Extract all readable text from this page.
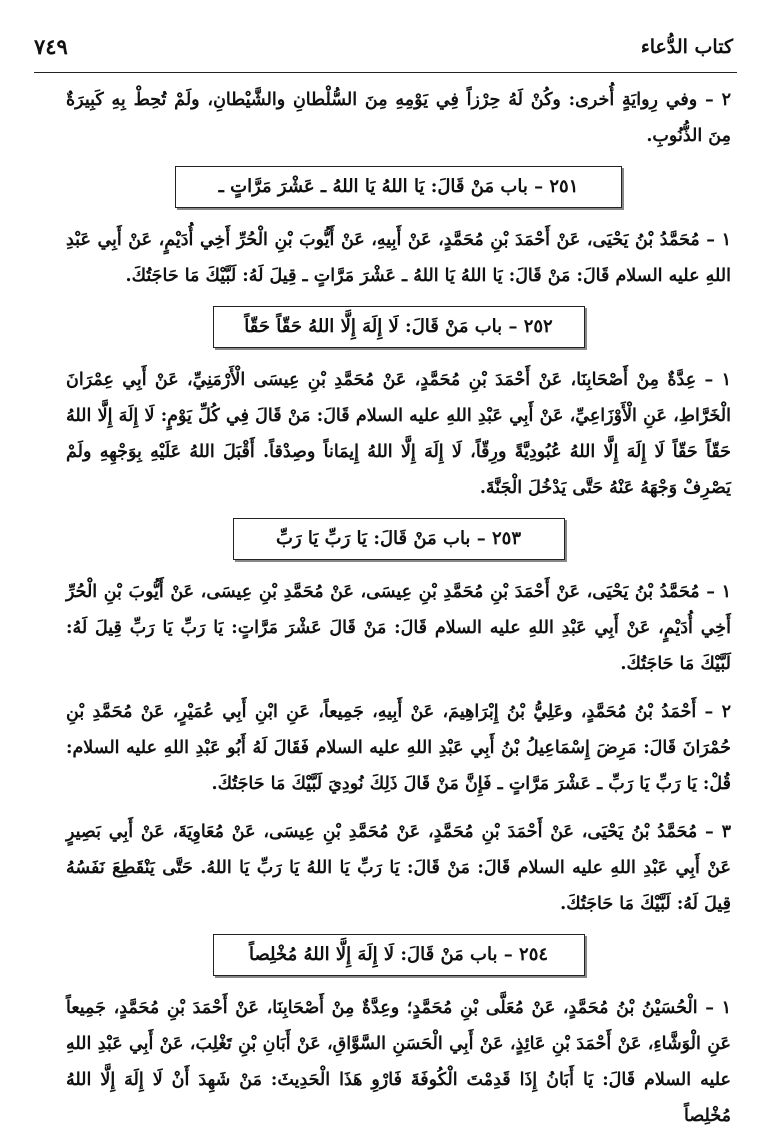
كتاب الدُّعاء
٧٤٩

٢ – وفي رِوايَةٍ أُخرى: وكُنْ لَهُ حِرْزاً فِي يَوْمِهِ مِنَ السُّلْطانِ والشَّيْطانِ، ولَمْ تُحِطْ بِهِ كَبِيرَةٌ مِنَ الذُّنُوبِ.

٢٥١ – باب مَنْ قَالَ: يَا اللهُ يَا اللهُ ـ عَشْرَ مَرَّاتٍ ـ

١ – مُحَمَّدُ بْنُ يَحْيَى، عَنْ أَحْمَدَ بْنِ مُحَمَّدٍ، عَنْ أَبِيهِ، عَنْ أَيُّوبَ بْنِ الْحُرِّ أَخِي أُدَيْمٍ، عَنْ أَبِي عَبْدِ اللهِ عليه السلام قَالَ: مَنْ قَالَ: يَا اللهُ يَا اللهُ ـ عَشْرَ مَرَّاتٍ ـ قِيلَ لَهُ: لَبَّيْكَ مَا حَاجَتُكَ.

٢٥٢ – باب مَنْ قَالَ: لَا إِلَهَ إِلَّا اللهُ حَقّاً حَقّاً

١ – عِدَّةٌ مِنْ أَصْحَابِنَا، عَنْ أَحْمَدَ بْنِ مُحَمَّدٍ، عَنْ مُحَمَّدِ بْنِ عِيسَى الْأَرْمَنِيِّ، عَنْ أَبِي عِمْرَانَ الْخَرَّاطِ، عَنِ الْأَوْزَاعِيِّ، عَنْ أَبِي عَبْدِ اللهِ عليه السلام قَالَ: مَنْ قَالَ فِي كُلِّ يَوْمٍ: لَا إِلَهَ إِلَّا اللهُ حَقّاً حَقّاً لَا إِلَهَ إِلَّا اللهُ عُبُودِيَّةً ورِقّاً، لَا إِلَهَ إِلَّا اللهُ إِيمَاناً وصِدْقاً. أَقْبَلَ اللهُ عَلَيْهِ بِوَجْهِهِ ولَمْ يَصْرِفْ وَجْهَهُ عَنْهُ حَتَّى يَدْخُلَ الْجَنَّةَ.

٢٥٣ – باب مَنْ قَالَ: يَا رَبِّ يَا رَبِّ

١ – مُحَمَّدُ بْنُ يَحْيَى، عَنْ أَحْمَدَ بْنِ مُحَمَّدِ بْنِ عِيسَى، عَنْ مُحَمَّدِ بْنِ عِيسَى، عَنْ أَيُّوبَ بْنِ الْحُرِّ أَخِي أُدَيْمٍ، عَنْ أَبِي عَبْدِ اللهِ عليه السلام قَالَ: مَنْ قَالَ عَشْرَ مَرَّاتٍ: يَا رَبِّ يَا رَبِّ قِيلَ لَهُ: لَبَّيْكَ مَا حَاجَتُكَ.

٢ – أَحْمَدُ بْنُ مُحَمَّدٍ، وعَلِيُّ بْنُ إِبْرَاهِيمَ، عَنْ أَبِيهِ، جَمِيعاً، عَنِ ابْنِ أَبِي عُمَيْرٍ، عَنْ مُحَمَّدِ بْنِ حُمْرَانَ قَالَ: مَرِضَ إِسْمَاعِيلُ بْنُ أَبِي عَبْدِ اللهِ عليه السلام فَقَالَ لَهُ أَبُو عَبْدِ اللهِ عليه السلام: قُلْ: يَا رَبِّ يَا رَبِّ ـ عَشْرَ مَرَّاتٍ ـ فَإِنَّ مَنْ قَالَ ذَلِكَ نُودِيَ لَبَّيْكَ مَا حَاجَتُكَ.

٣ – مُحَمَّدُ بْنُ يَحْيَى، عَنْ أَحْمَدَ بْنِ مُحَمَّدٍ، عَنْ مُحَمَّدِ بْنِ عِيسَى، عَنْ مُعَاوِيَةَ، عَنْ أَبِي بَصِيرٍ عَنْ أَبِي عَبْدِ اللهِ عليه السلام قَالَ: مَنْ قَالَ: يَا رَبِّ يَا اللهُ يَا رَبِّ يَا اللهُ. حَتَّى يَنْقَطِعَ نَفَسُهُ قِيلَ لَهُ: لَبَّيْكَ مَا حَاجَتُكَ.

٢٥٤ – باب مَنْ قَالَ: لَا إِلَهَ إِلَّا اللهُ مُخْلِصاً

١ – الْحُسَيْنُ بْنُ مُحَمَّدٍ، عَنْ مُعَلَّى بْنِ مُحَمَّدٍ؛ وعِدَّةٌ مِنْ أَصْحَابِنَا، عَنْ أَحْمَدَ بْنِ مُحَمَّدٍ، جَمِيعاً عَنِ الْوَشَّاءِ، عَنْ أَحْمَدَ بْنِ عَائِذٍ، عَنْ أَبِي الْحَسَنِ السَّوَّاقِ، عَنْ أَبَانِ بْنِ تَغْلِبَ، عَنْ أَبِي عَبْدِ اللهِ عليه السلام قَالَ: يَا أَبَانُ إِذَا قَدِمْتَ الْكُوفَةَ فَارْوِ هَذَا الْحَدِيثَ: مَنْ شَهِدَ أَنْ لَا إِلَهَ إِلَّا اللهُ مُخْلِصاً
